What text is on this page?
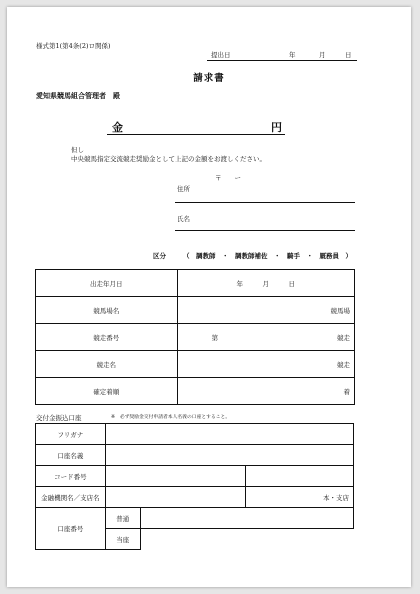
様式第1(第4条(2)ロ関係)
提出日	年	月	日
請求書
愛知県競馬組合管理者　殿
金	円
但し
中央競馬指定交流競走奨励金として上記の金額をお渡しください。
〒　　ー
住所
氏名
区分	（　調教師　・　調教師補佐　・　騎手　・　厩務員　）
出走年月日	年　　　月　　　日

競馬場名	競馬場

競走番号	第 競走

競走名	競走

確定着順	着
交付金振込口座	※　必ず奨励金交付申請者本人名義の口座とすること。
フリガナ			
口座名義			
コード番号			
金融機関名／支店名			本・支店
口座番号	普通		
	当座		
